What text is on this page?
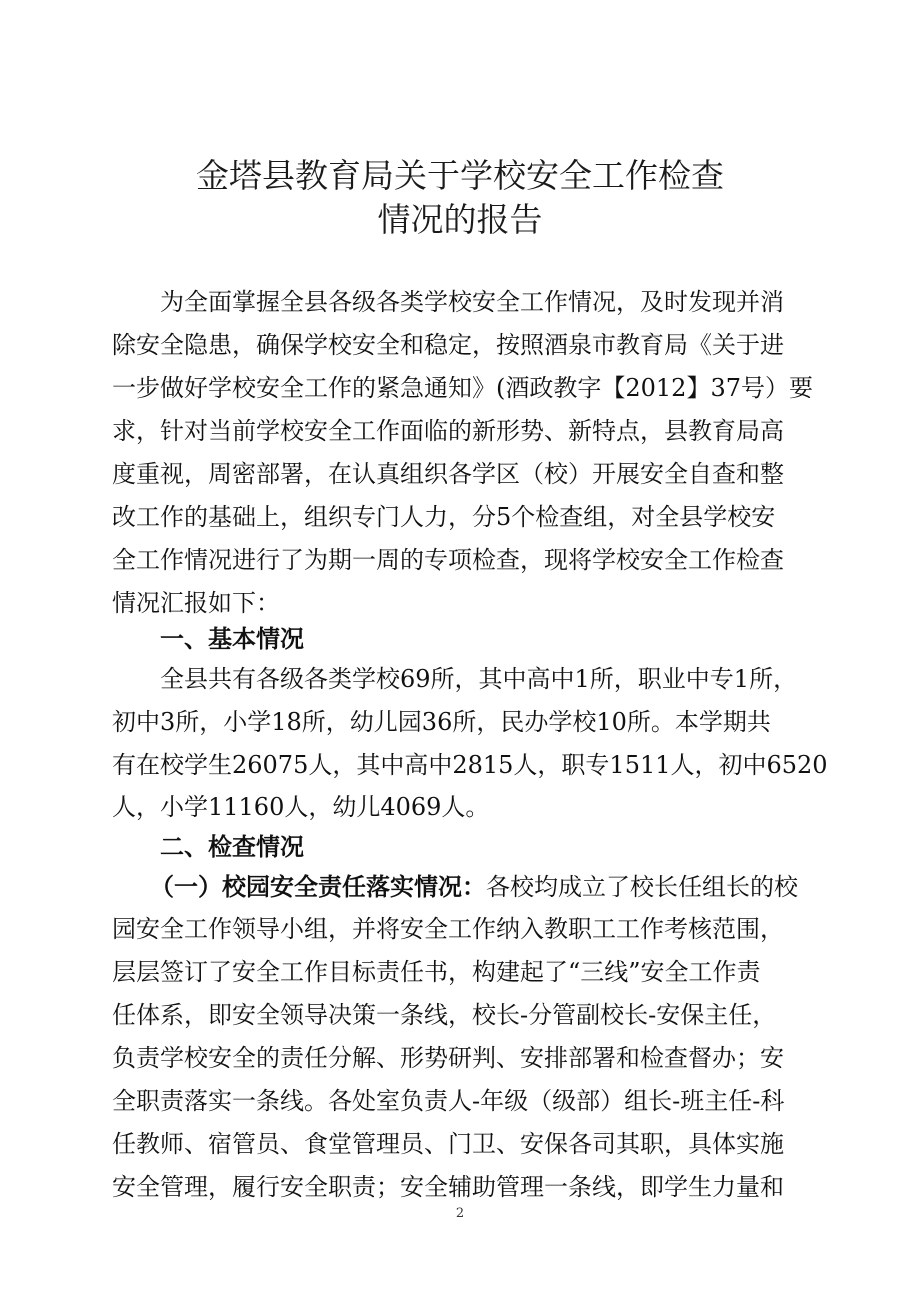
金塔县教育局关于学校安全工作检查
情况的报告

为全面掌握全县各级各类学校安全工作情况，及时发现并消

除安全隐患，确保学校安全和稳定，按照酒泉市教育局《关于进

一步做好学校安全工作的紧急通知》(酒政教字【2012】37号）要

求，针对当前学校安全工作面临的新形势、新特点，县教育局高

度重视，周密部署，在认真组织各学区（校）开展安全自查和整

改工作的基础上，组织专门人力，分5个检查组，对全县学校安

全工作情况进行了为期一周的专项检查，现将学校安全工作检查

情况汇报如下：

一、基本情况

全县共有各级各类学校69所，其中高中1所，职业中专1所，

初中3所，小学18所，幼儿园36所，民办学校10所。本学期共

有在校学生26075人，其中高中2815人，职专1511人，初中6520

人，小学11160人，幼儿4069人。

二、检查情况

（一）校园安全责任落实情况：各校均成立了校长任组长的校

园安全工作领导小组，并将安全工作纳入教职工工作考核范围，

层层签订了安全工作目标责任书，构建起了“三线”安全工作责

任体系，即安全领导决策一条线，校长-分管副校长-安保主任，

负责学校安全的责任分解、形势研判、安排部署和检查督办；安

全职责落实一条线。各处室负责人-年级（级部）组长-班主任-科

任教师、宿管员、食堂管理员、门卫、安保各司其职，具体实施

安全管理，履行安全职责；安全辅助管理一条线，即学生力量和

2
